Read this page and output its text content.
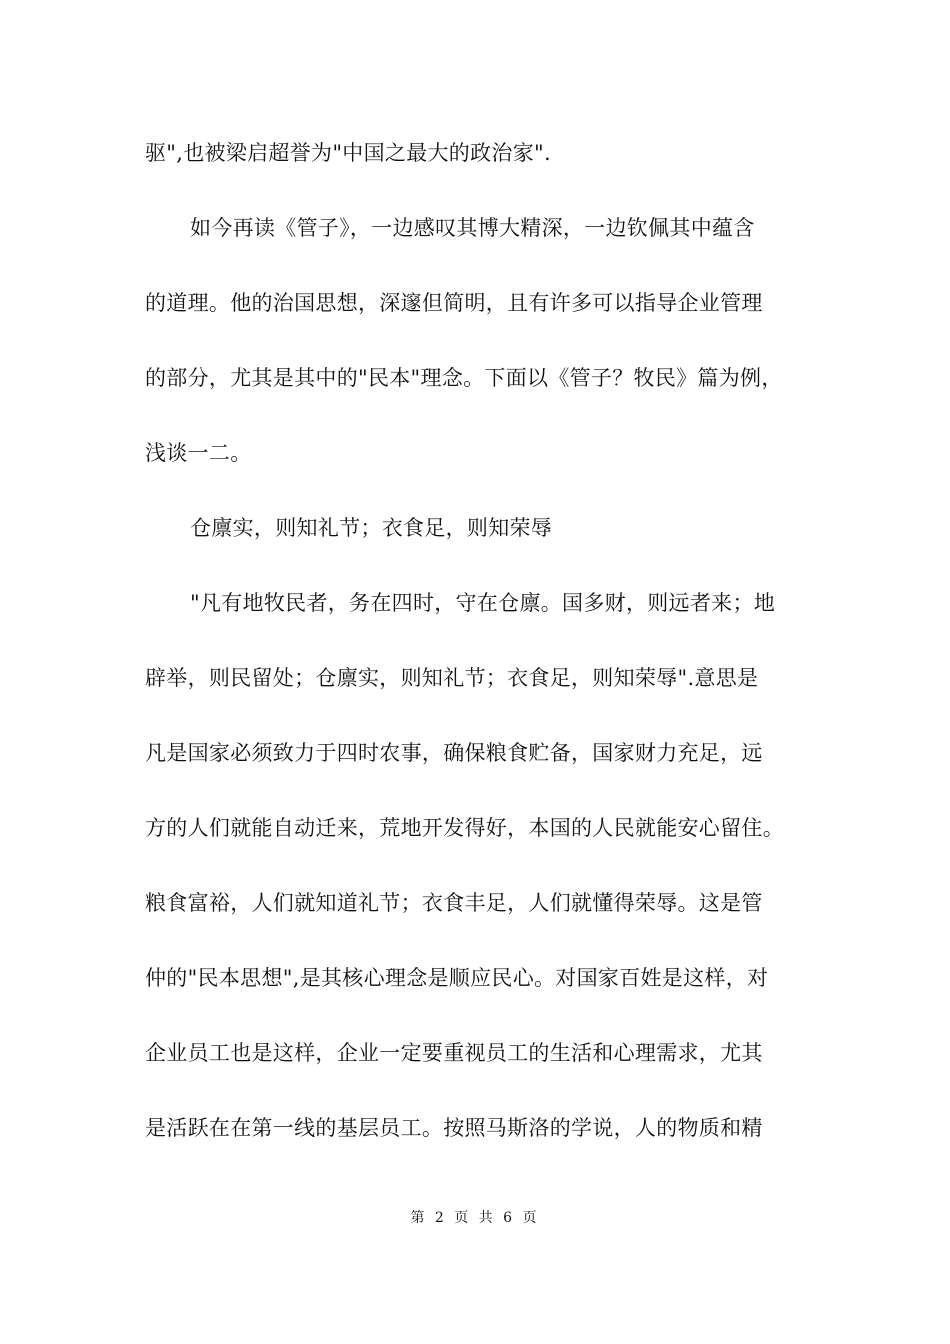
驱",也被梁启超誉为"中国之最大的政治家".
如今再读《管子》，一边感叹其博大精深，一边钦佩其中蕴含
的道理。他的治国思想，深邃但简明，且有许多可以指导企业管理
的部分，尤其是其中的"民本"理念。下面以《管子？牧民》篇为例，
浅谈一二。
仓廪实，则知礼节；衣食足，则知荣辱
"凡有地牧民者，务在四时，守在仓廪。国多财，则远者来；地
辟举，则民留处；仓廪实，则知礼节；衣食足，则知荣辱".意思是
凡是国家必须致力于四时农事，确保粮食贮备，国家财力充足，远
方的人们就能自动迁来，荒地开发得好，本国的人民就能安心留住。
粮食富裕，人们就知道礼节；衣食丰足，人们就懂得荣辱。这是管
仲的"民本思想",是其核心理念是顺应民心。对国家百姓是这样，对
企业员工也是这样，企业一定要重视员工的生活和心理需求，尤其
是活跃在在第一线的基层员工。按照马斯洛的学说，人的物质和精
第 2 页 共 6 页
